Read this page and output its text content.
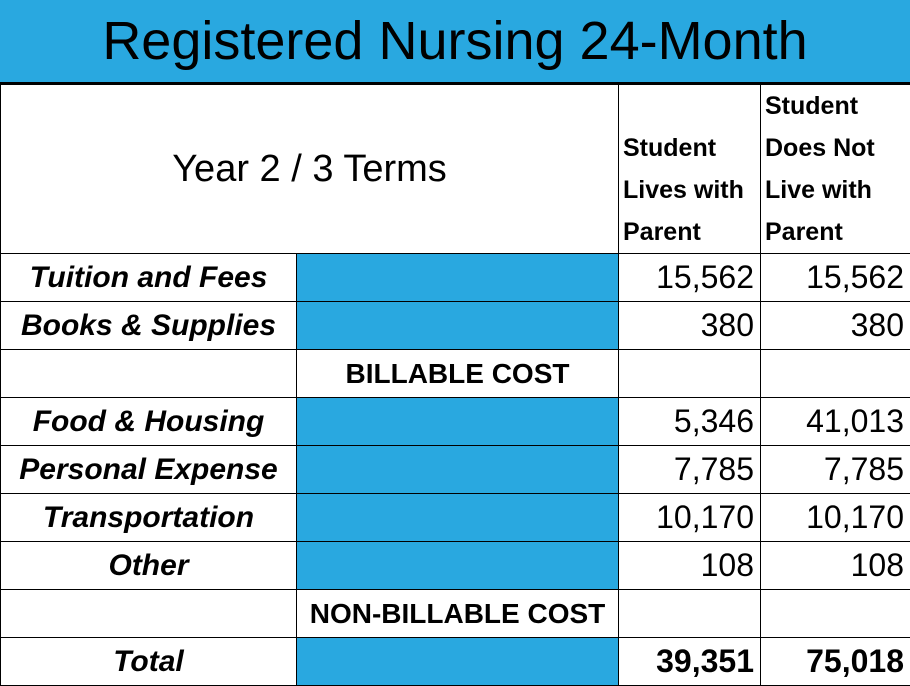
Registered Nursing 24-Month
Year 2 / 3 Terms		Student Lives with Parent	Student Does Not Live with Parent
Tuition and Fees		15,562	15,562
Books & Supplies		380	380
	BILLABLE COST		
Food & Housing		5,346	41,013
Personal Expense		7,785	7,785
Transportation		10,170	10,170
Other		108	108
	NON-BILLABLE COST		
Total		39,351	75,018
